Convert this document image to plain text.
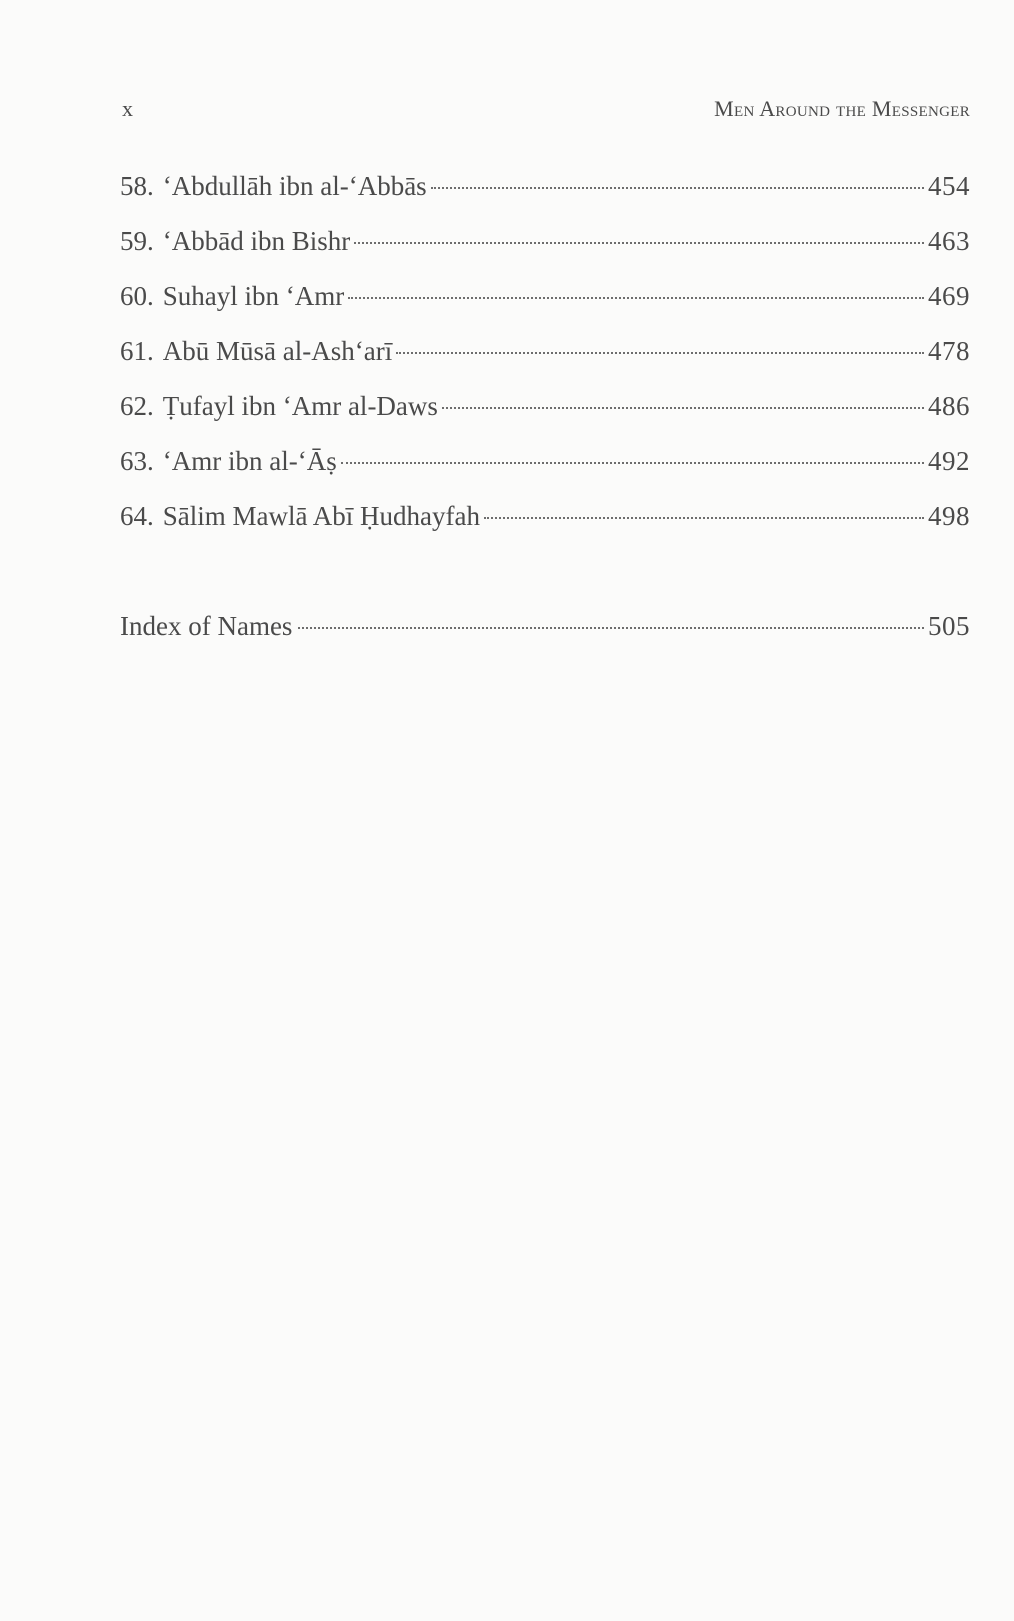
x	Men Around the Messenger
58. ‘Abdullāh ibn al-‘Abbās	454
59. ‘Abbād ibn Bishr	463
60. Suhayl ibn ‘Amr	469
61. Abū Mūsā al-Ash‘arī	478
62. Ṭufayl ibn ‘Amr al-Daws	486
63. ‘Amr ibn al-‘Āṣ	492
64. Sālim Mawlā Abī Ḥudhayfah	498
Index of Names	505
